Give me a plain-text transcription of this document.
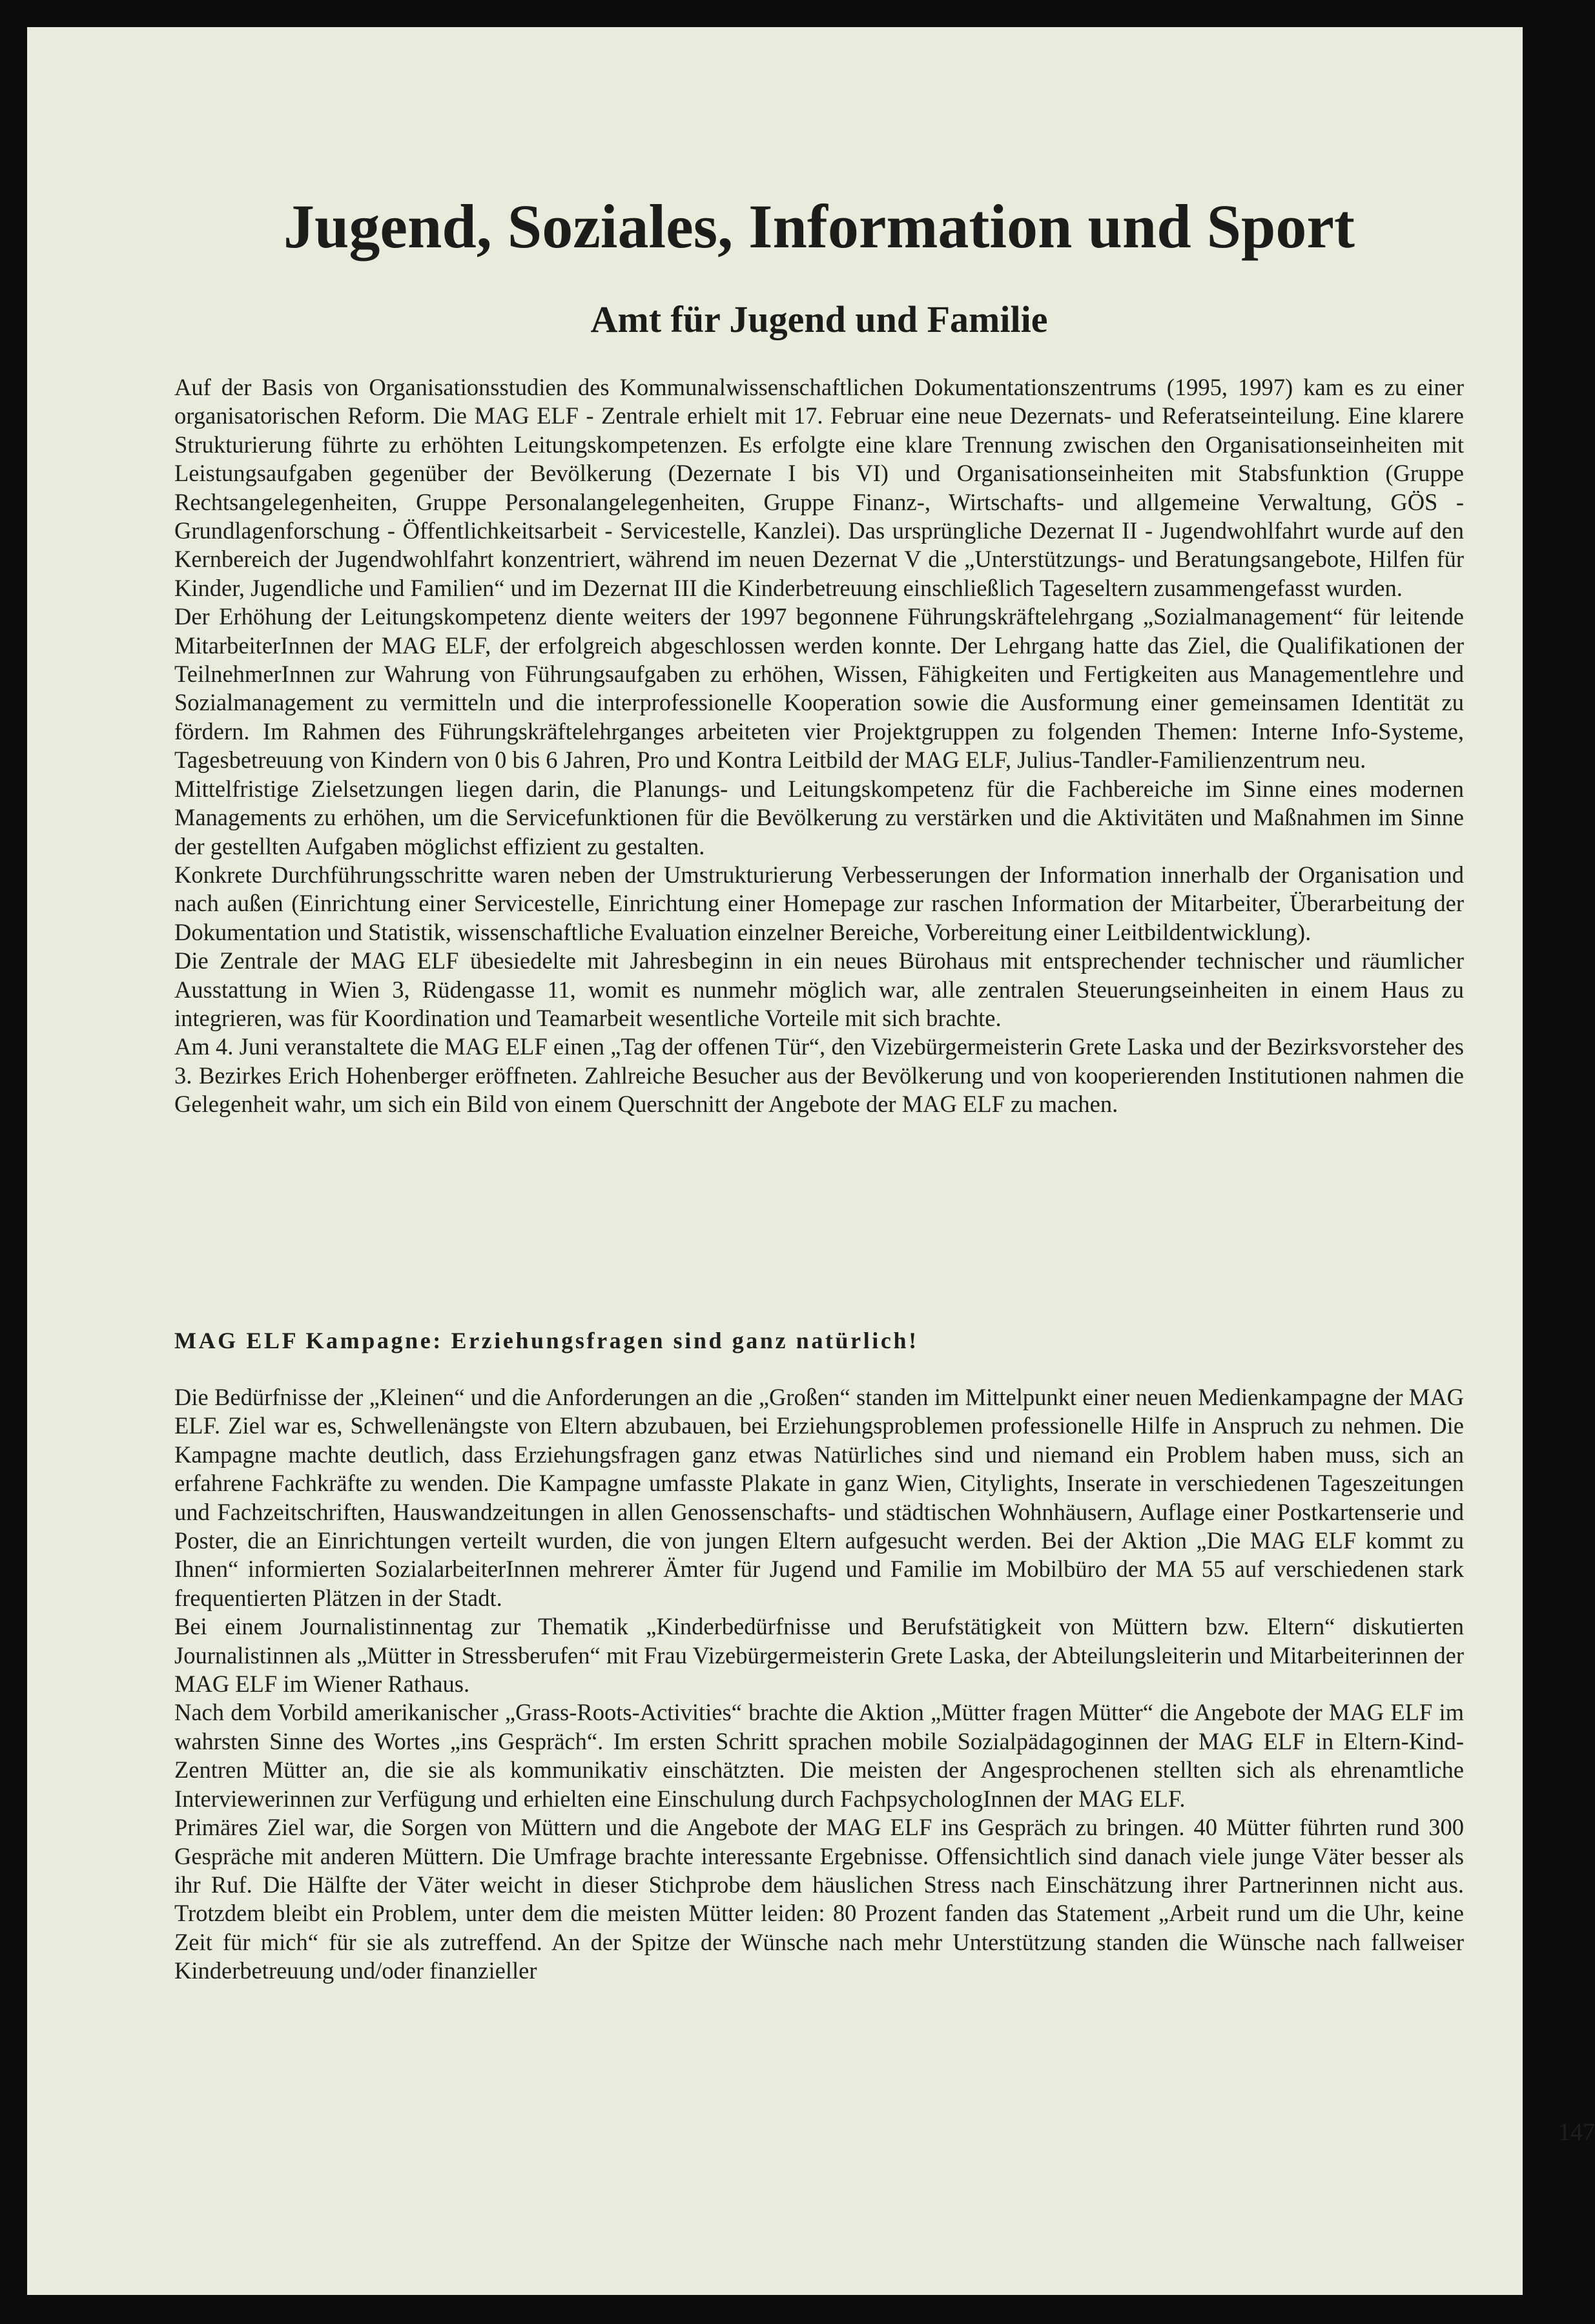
Jugend, Soziales, Information und Sport
Amt für Jugend und Familie

Auf der Basis von Organisationsstudien des Kommunalwissenschaftlichen Dokumentationszentrums (1995, 1997) kam es zu einer organisatorischen Reform. Die MAG ELF - Zentrale erhielt mit 17. Februar eine neue Dezernats- und Referatseinteilung. Eine klarere Strukturierung führte zu erhöhten Leitungskompetenzen. Es erfolgte eine klare Trennung zwischen den Organisationseinheiten mit Leistungsaufgaben gegenüber der Bevölkerung (Dezernate I bis VI) und Organisationseinheiten mit Stabsfunktion (Gruppe Rechtsangelegenheiten, Gruppe Personalangelegenheiten, Gruppe Finanz-, Wirtschafts- und allgemeine Verwaltung, GÖS - Grundlagenforschung - Öffentlichkeitsarbeit - Servicestelle, Kanzlei). Das ursprüngliche Dezernat II - Jugendwohlfahrt wurde auf den Kernbereich der Jugendwohlfahrt konzentriert, während im neuen Dezernat V die „Unterstützungs- und Beratungsangebote, Hilfen für Kinder, Jugendliche und Familien“ und im Dezernat III die Kinderbetreuung einschließlich Tageseltern zusammengefasst wurden.

Der Erhöhung der Leitungskompetenz diente weiters der 1997 begonnene Führungskräftelehrgang „Sozialmanagement“ für leitende MitarbeiterInnen der MAG ELF, der erfolgreich abgeschlossen werden konnte. Der Lehrgang hatte das Ziel, die Qualifikationen der TeilnehmerInnen zur Wahrung von Führungsaufgaben zu erhöhen, Wissen, Fähigkeiten und Fertigkeiten aus Managementlehre und Sozialmanagement zu vermitteln und die interprofessionelle Kooperation sowie die Ausformung einer gemeinsamen Identität zu fördern. Im Rahmen des Führungskräftelehrganges arbeiteten vier Projektgruppen zu folgenden Themen: Interne Info-Systeme, Tagesbetreuung von Kindern von 0 bis 6 Jahren, Pro und Kontra Leitbild der MAG ELF, Julius-Tandler-Familienzentrum neu.

Mittelfristige Zielsetzungen liegen darin, die Planungs- und Leitungskompetenz für die Fachbereiche im Sinne eines modernen Managements zu erhöhen, um die Servicefunktionen für die Bevölkerung zu verstärken und die Aktivitäten und Maßnahmen im Sinne der gestellten Aufgaben möglichst effizient zu gestalten.

Konkrete Durchführungsschritte waren neben der Umstrukturierung Verbesserungen der Information innerhalb der Organisation und nach außen (Einrichtung einer Servicestelle, Einrichtung einer Homepage zur raschen Information der Mitarbeiter, Überarbeitung der Dokumentation und Statistik, wissenschaftliche Evaluation einzelner Bereiche, Vorbereitung einer Leitbildentwicklung).

Die Zentrale der MAG ELF übesiedelte mit Jahresbeginn in ein neues Bürohaus mit entsprechender technischer und räumlicher Ausstattung in Wien 3, Rüdengasse 11, womit es nunmehr möglich war, alle zentralen Steuerungseinheiten in einem Haus zu integrieren, was für Koordination und Teamarbeit wesentliche Vorteile mit sich brachte.

Am 4. Juni veranstaltete die MAG ELF einen „Tag der offenen Tür“, den Vizebürgermeisterin Grete Laska und der Bezirksvorsteher des 3. Bezirkes Erich Hohenberger eröffneten. Zahlreiche Besucher aus der Bevölkerung und von kooperierenden Institutionen nahmen die Gelegenheit wahr, um sich ein Bild von einem Querschnitt der Angebote der MAG ELF zu machen.

MAG ELF Kampagne: Erziehungsfragen sind ganz natürlich!

Die Bedürfnisse der „Kleinen“ und die Anforderungen an die „Großen“ standen im Mittelpunkt einer neuen Medienkampagne der MAG ELF. Ziel war es, Schwellenängste von Eltern abzubauen, bei Erziehungsproblemen professionelle Hilfe in Anspruch zu nehmen. Die Kampagne machte deutlich, dass Erziehungsfragen ganz etwas Natürliches sind und niemand ein Problem haben muss, sich an erfahrene Fachkräfte zu wenden. Die Kampagne umfasste Plakate in ganz Wien, Citylights, Inserate in verschiedenen Tageszeitungen und Fachzeitschriften, Hauswandzeitungen in allen Genossenschafts- und städtischen Wohnhäusern, Auflage einer Postkartenserie und Poster, die an Einrichtungen verteilt wurden, die von jungen Eltern aufgesucht werden. Bei der Aktion „Die MAG ELF kommt zu Ihnen“ informierten SozialarbeiterInnen mehrerer Ämter für Jugend und Familie im Mobilbüro der MA 55 auf verschiedenen stark frequentierten Plätzen in der Stadt.

Bei einem Journalistinnentag zur Thematik „Kinderbedürfnisse und Berufstätigkeit von Müttern bzw. Eltern“ diskutierten Journalistinnen als „Mütter in Stressberufen“ mit Frau Vizebürgermeisterin Grete Laska, der Abteilungsleiterin und Mitarbeiterinnen der MAG ELF im Wiener Rathaus.

Nach dem Vorbild amerikanischer „Grass-Roots-Activities“ brachte die Aktion „Mütter fragen Mütter“ die Angebote der MAG ELF im wahrsten Sinne des Wortes „ins Gespräch“. Im ersten Schritt sprachen mobile Sozialpädagoginnen der MAG ELF in Eltern-Kind-Zentren Mütter an, die sie als kommunikativ einschätzten. Die meisten der Angesprochenen stellten sich als ehrenamtliche Interviewerinnen zur Verfügung und erhielten eine Einschulung durch FachpsychologInnen der MAG ELF.

Primäres Ziel war, die Sorgen von Müttern und die Angebote der MAG ELF ins Gespräch zu bringen. 40 Mütter führten rund 300 Gespräche mit anderen Müttern. Die Umfrage brachte interessante Ergebnisse. Offensichtlich sind danach viele junge Väter besser als ihr Ruf. Die Hälfte der Väter weicht in dieser Stichprobe dem häuslichen Stress nach Einschätzung ihrer Partnerinnen nicht aus. Trotzdem bleibt ein Problem, unter dem die meisten Mütter leiden: 80 Prozent fanden das Statement „Arbeit rund um die Uhr, keine Zeit für mich“ für sie als zutreffend. An der Spitze der Wünsche nach mehr Unterstützung standen die Wünsche nach fallweiser Kinderbetreuung und/oder finanzieller

147
